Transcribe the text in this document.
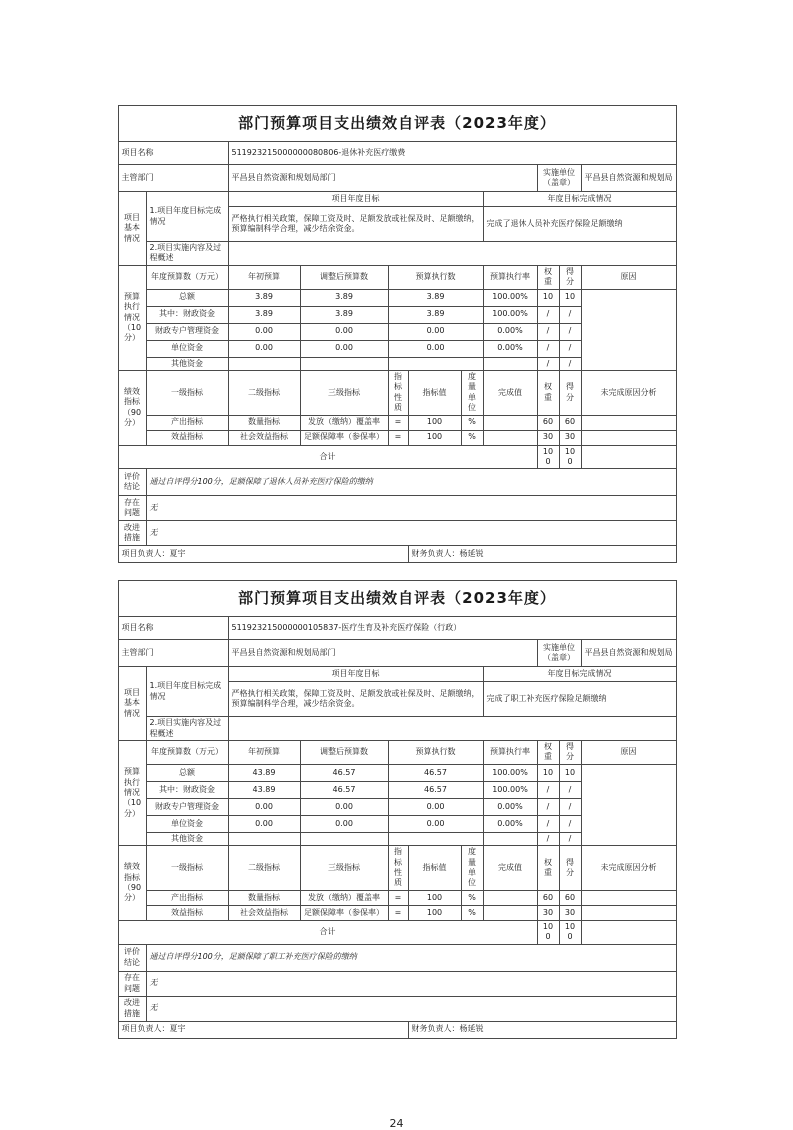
部门预算项目支出绩效自评表（2023年度）										
项目名称		511923215000000080806-退休补充医疗缴费								
主管部门		平昌县自然资源和规划局部门						实施单位（盖章）		平昌县自然资源和规划局
项目基本情况	1.项目年度目标完成情况	项目年度目标					年度目标完成情况			
		严格执行相关政策，保障工资及时、足额发放或社保及时、足额缴纳，预算编制科学合理，减少结余资金。					完成了退休人员补充医疗保险足额缴纳			
	2.项目实施内容及过程概述									
预算执行情况（10分）	年度预算数（万元）	年初预算	调整后预算数	预算执行数			预算执行率	权重	得分	原因
	总额	3.89	3.89	3.89			100.00%	10	10	
	其中：财政资金	3.89	3.89	3.89			100.00%	/	/	
	财政专户管理资金	0.00	0.00	0.00			0.00%	/	/	
	单位资金	0.00	0.00	0.00			0.00%	/	/	
	其他资金							/	/	
绩效指标（90分）	一级指标	二级指标	三级指标	指标性质	指标值	度量单位	完成值	权重	得分	未完成原因分析
	产出指标	数量指标	发放（缴纳）覆盖率	=	100	%		60	60	
	效益指标	社会效益指标	足额保障率（参保率）	=	100	%		30	30	
合计								100	100	
评价结论	通过自评得分100分，足额保障了退休人员补充医疗保险的缴纳									
存在问题	无									
改进措施	无									
项目负责人：夏宇					财务负责人：杨延锐					
部门预算项目支出绩效自评表（2023年度）										
项目名称		511923215000000105837-医疗生育及补充医疗保险（行政）								
主管部门		平昌县自然资源和规划局部门						实施单位（盖章）		平昌县自然资源和规划局
项目基本情况	1.项目年度目标完成情况	项目年度目标					年度目标完成情况			
		严格执行相关政策，保障工资及时、足额发放或社保及时、足额缴纳，预算编制科学合理，减少结余资金。					完成了职工补充医疗保险足额缴纳			
	2.项目实施内容及过程概述									
预算执行情况（10分）	年度预算数（万元）	年初预算	调整后预算数	预算执行数			预算执行率	权重	得分	原因
	总额	43.89	46.57	46.57			100.00%	10	10	
	其中：财政资金	43.89	46.57	46.57			100.00%	/	/	
	财政专户管理资金	0.00	0.00	0.00			0.00%	/	/	
	单位资金	0.00	0.00	0.00			0.00%	/	/	
	其他资金							/	/	
绩效指标（90分）	一级指标	二级指标	三级指标	指标性质	指标值	度量单位	完成值	权重	得分	未完成原因分析
	产出指标	数量指标	发放（缴纳）覆盖率	=	100	%		60	60	
	效益指标	社会效益指标	足额保障率（参保率）	=	100	%		30	30	
合计								100	100	
评价结论	通过自评得分100分，足额保障了职工补充医疗保险的缴纳									
存在问题	无									
改进措施	无									
项目负责人：夏宇					财务负责人：杨延锐					
24
